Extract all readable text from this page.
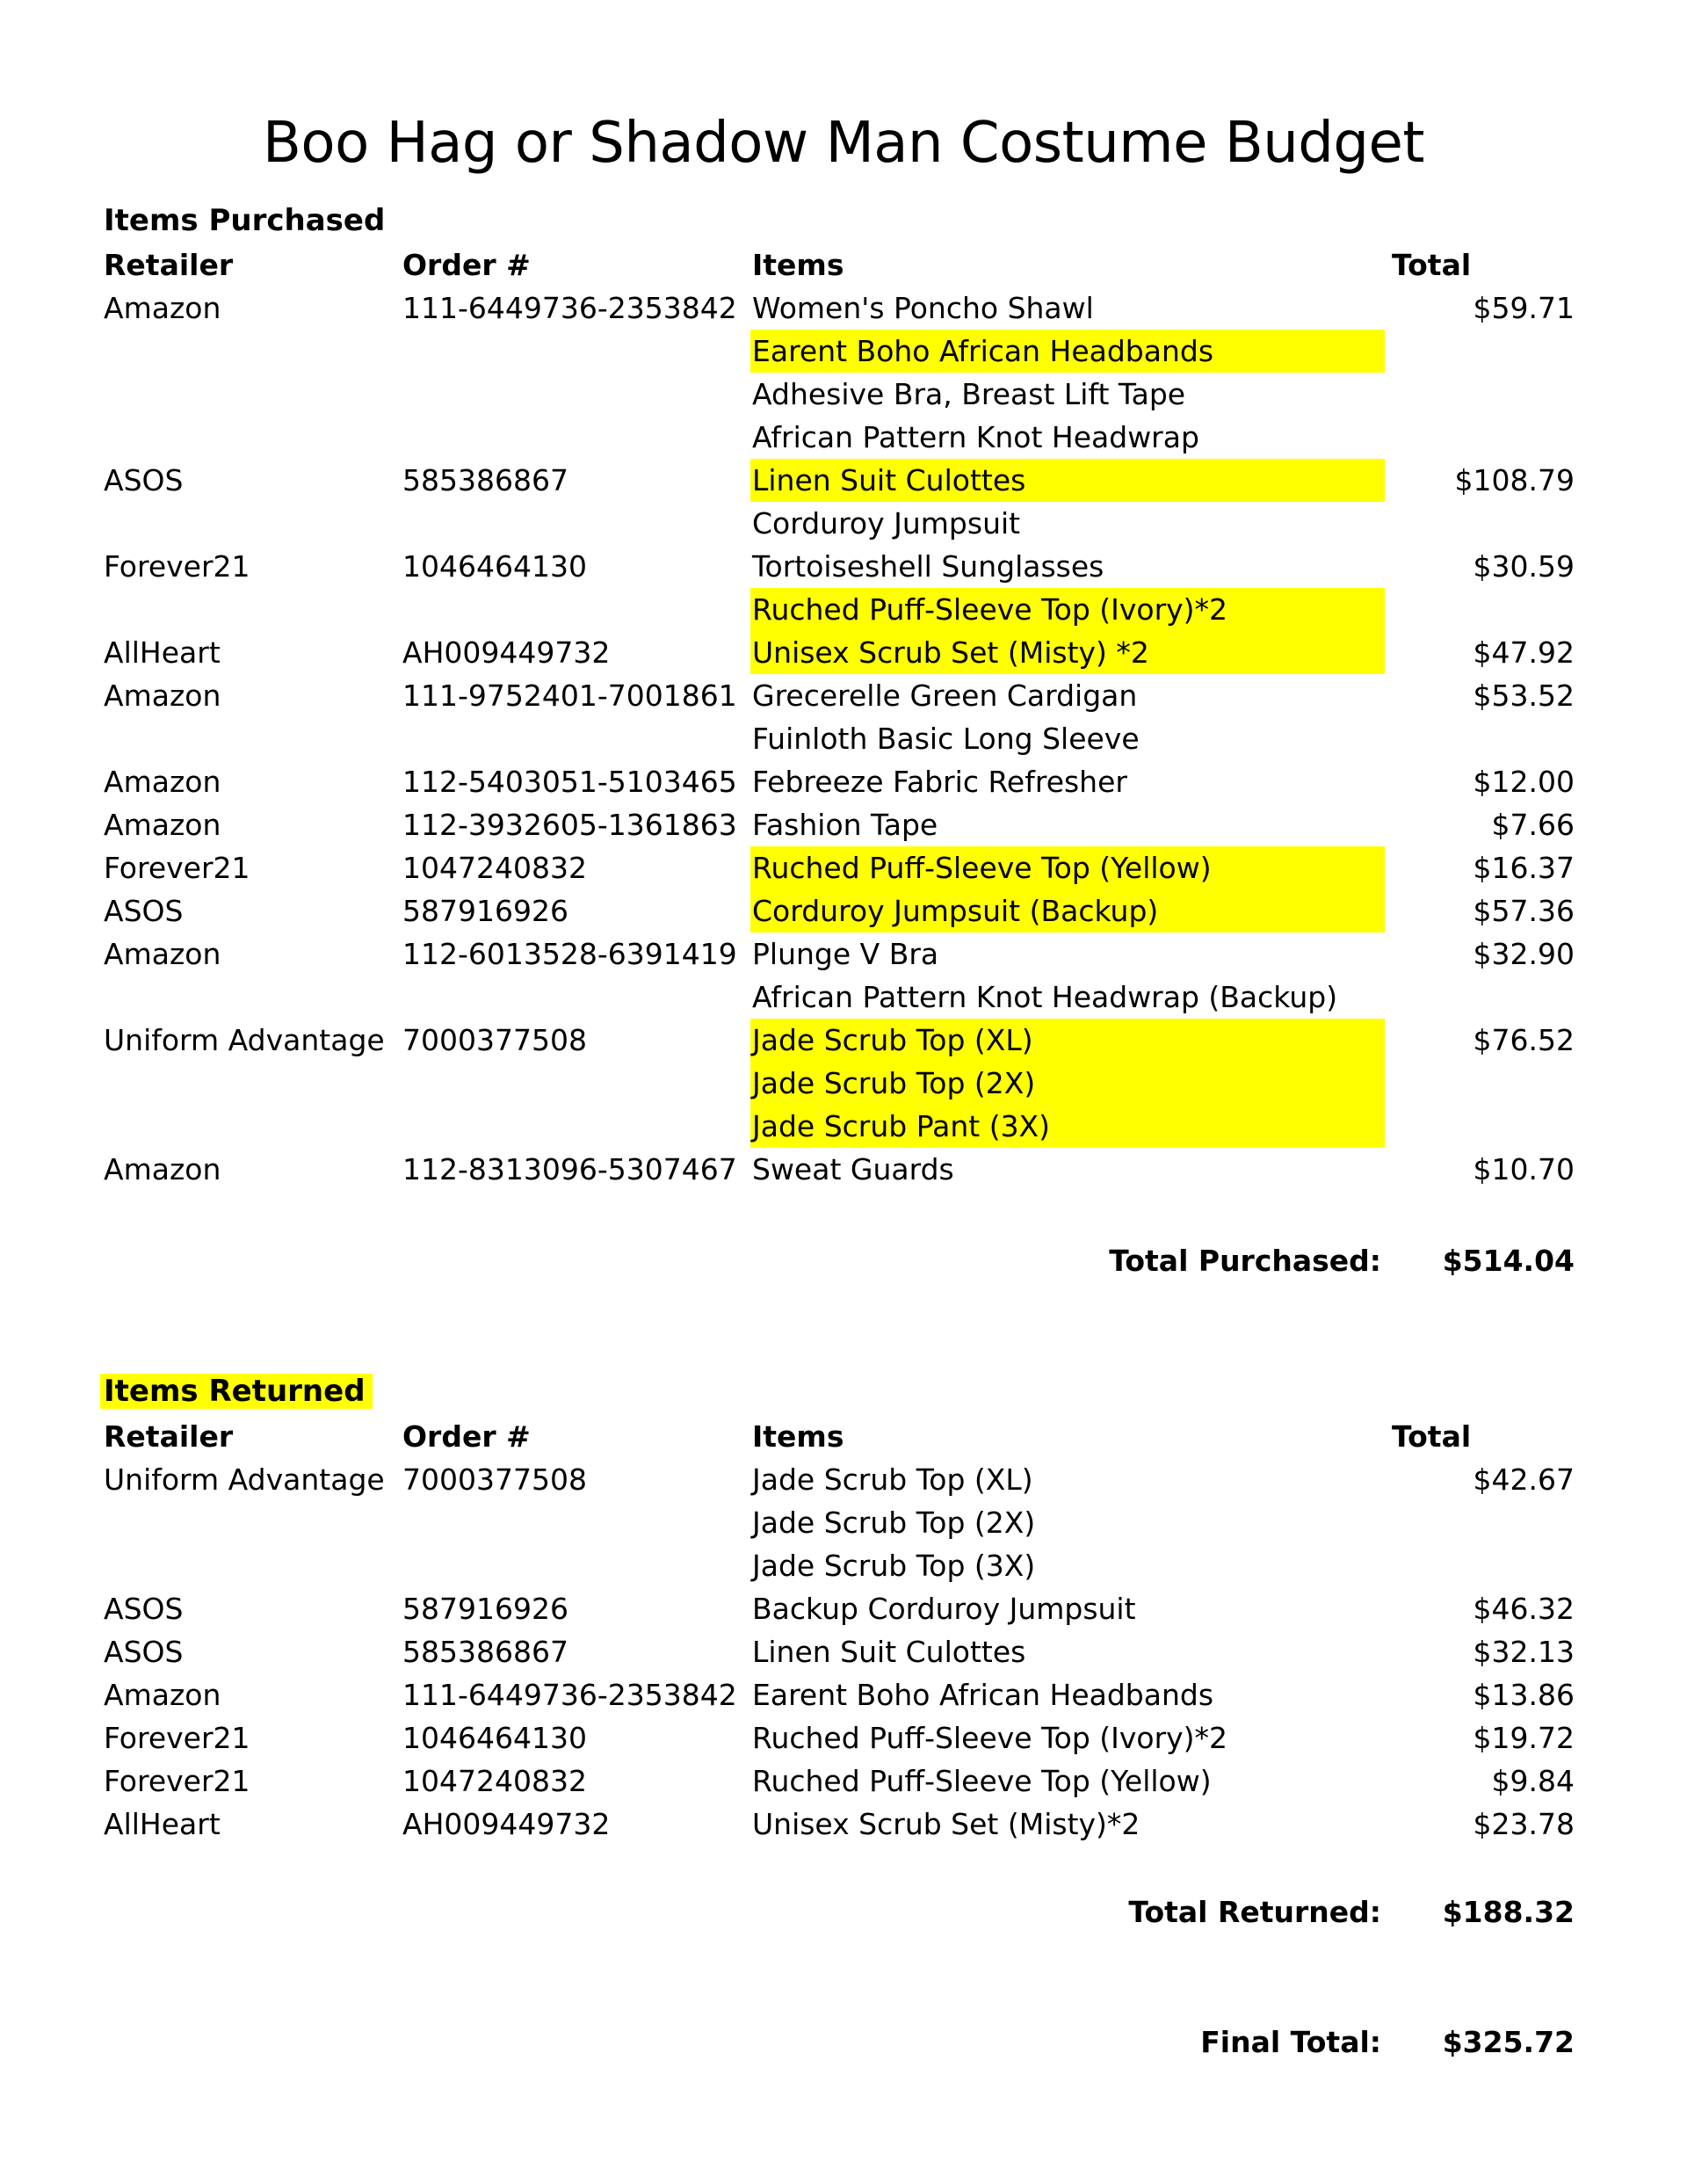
Boo Hag or Shadow Man Costume Budget
Items Purchased
Retailer	Order #	Items	Total
Amazon	111-6449736-2353842 Women's Poncho Shawl	$59.71
Earent Boho African Headbands
Adhesive Bra, Breast Lift Tape
African Pattern Knot Headwrap
ASOS	585386867	Linen Suit Culottes	$108.79
Corduroy Jumpsuit
Forever21	1046464130	Tortoiseshell Sunglasses	$30.59
Ruched Puff-Sleeve Top (Ivory)*2
AllHeart	AH009449732	Unisex Scrub Set (Misty) *2	$47.92
Amazon	111-9752401-7001861 Grecerelle Green Cardigan	$53.52
Fuinloth Basic Long Sleeve
Amazon	112-5403051-5103465 Febreeze Fabric Refresher	$12.00
Amazon	112-3932605-1361863 Fashion Tape	$7.66
Forever21	1047240832	Ruched Puff-Sleeve Top (Yellow)	$16.37
ASOS	587916926	Corduroy Jumpsuit (Backup)	$57.36
Amazon	112-6013528-6391419 Plunge V Bra	$32.90
African Pattern Knot Headwrap (Backup)
Uniform Advantage 7000377508	Jade Scrub Top (XL)	$76.52
Jade Scrub Top (2X)
Jade Scrub Pant (3X)
Amazon	112-8313096-5307467 Sweat Guards	$10.70
Total Purchased: $514.04
Items Returned
Retailer	Order #	Items	Total
Uniform Advantage 7000377508	Jade Scrub Top (XL)	$42.67
Jade Scrub Top (2X)
Jade Scrub Top (3X)
ASOS	587916926	Backup Corduroy Jumpsuit	$46.32
ASOS	585386867	Linen Suit Culottes	$32.13
Amazon	111-6449736-2353842 Earent Boho African Headbands	$13.86
Forever21	1046464130	Ruched Puff-Sleeve Top (Ivory)*2	$19.72
Forever21	1047240832	Ruched Puff-Sleeve Top (Yellow)	$9.84
AllHeart	AH009449732	Unisex Scrub Set (Misty)*2	$23.78
Total Returned: $188.32
Final Total: $325.72
